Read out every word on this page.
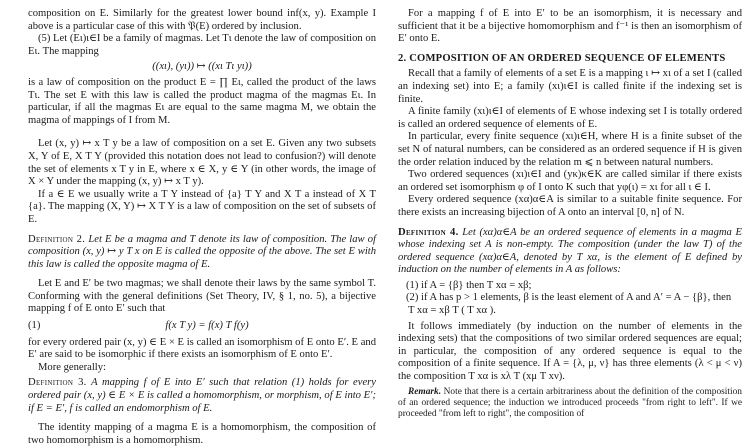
composition on E. Similarly for the greatest lower bound inf(x, y). Example I above is a particular case of this with 𝔓(E) ordered by inclusion.

(5) Let (Eι)ι∈I be a family of magmas. Let Tι denote the law of composition on Eι. The mapping

((xι), (yι)) ↦ ((xι Tι yι))

is a law of composition on the product E = ∏ Eι, called the product of the laws Tι. The set E with this law is called the product magma of the magmas Eι. In particular, if all the magmas Eι are equal to the same magma M, we obtain the magma of mappings of I from M.

Let (x, y) ↦ x T y be a law of composition on a set E. Given any two subsets X, Y of E, X T Y (provided this notation does not lead to confusion?) will denote the set of elements x T y in E, where x ∈ X, y ∈ Y (in other words, the image of X × Y under the mapping (x, y) ↦ x T y).

If a ∈ E we usually write a T Y instead of {a} T Y and X T a instead of X T {a}. The mapping (X, Y) ↦ X T Y is a law of composition on the set of subsets of E.

Definition 2. Let E be a magma and T denote its law of composition. The law of composition (x, y) ↦ y T x on E is called the opposite of the above. The set E with this law is called the opposite magma of E.

Let E and E′ be two magmas; we shall denote their laws by the same symbol T. Conforming with the general definitions (Set Theory, IV, § 1, no. 5), a bijective mapping f of E onto E′ such that

(1)	f(x T y) = f(x) T f(y)

for every ordered pair (x, y) ∈ E × E is called an isomorphism of E onto E′. E and E′ are said to be isomorphic if there exists an isomorphism of E onto E′.

More generally:

Definition 3. A mapping f of E into E′ such that relation (1) holds for every ordered pair (x, y) ∈ E × E is called a homomorphism, or morphism, of E into E′; if E = E′, f is called an endomorphism of E.

The identity mapping of a magma E is a homomorphism, the composition of two homomorphism is a homomorphism.

For a mapping f of E into E′ to be an isomorphism, it is necessary and sufficient that it be a bijective homomorphism and f⁻¹ is then an isomorphism of E′ onto E.

2. COMPOSITION OF AN ORDERED SEQUENCE OF ELEMENTS

Recall that a family of elements of a set E is a mapping ι ↦ xι of a set I (called an indexing set) into E; a family (xι)ι∈I is called finite if the indexing set is finite.

A finite family (xι)ι∈I of elements of E whose indexing set I is totally ordered is called an ordered sequence of elements of E.

In particular, every finite sequence (xι)ι∈H, where H is a finite subset of the set N of natural numbers, can be considered as an ordered sequence if H is given the order relation induced by the relation m ⩽ n between natural numbers.

Two ordered sequences (xι)ι∈I and (yκ)κ∈K are called similar if there exists an ordered set isomorphism φ of I onto K such that yφ(ι) = xι for all ι ∈ I.

Every ordered sequence (xα)α∈A is similar to a suitable finite sequence. For there exists an increasing bijection of A onto an interval [0, n] of N.

Definition 4. Let (xα)α∈A be an ordered sequence of elements in a magma E whose indexing set A is non-empty. The composition (under the law T) of the ordered sequence (xα)α∈A, denoted by T xα, is the element of E defined by induction on the number of elements in A as follows:

(1) if A = {β} then T xα = xβ;

(2) if A has p > 1 elements, β is the least element of A and A′ = A − {β}, then

T xα = xβ T ( T xα ).

It follows immediately (by induction on the number of elements in the indexing sets) that the compositions of two similar ordered sequences are equal; in particular, the composition of any ordered sequence is equal to the composition of a finite sequence. If A = {λ, μ, ν} has three elements (λ < μ < ν) the composition T xα is xλ T (xμ T xν).

Remark. Note that there is a certain arbitrariness about the definition of the composition of an ordered sequence; the induction we introduced proceeds "from right to left". If we proceeded "from left to right", the composition of
